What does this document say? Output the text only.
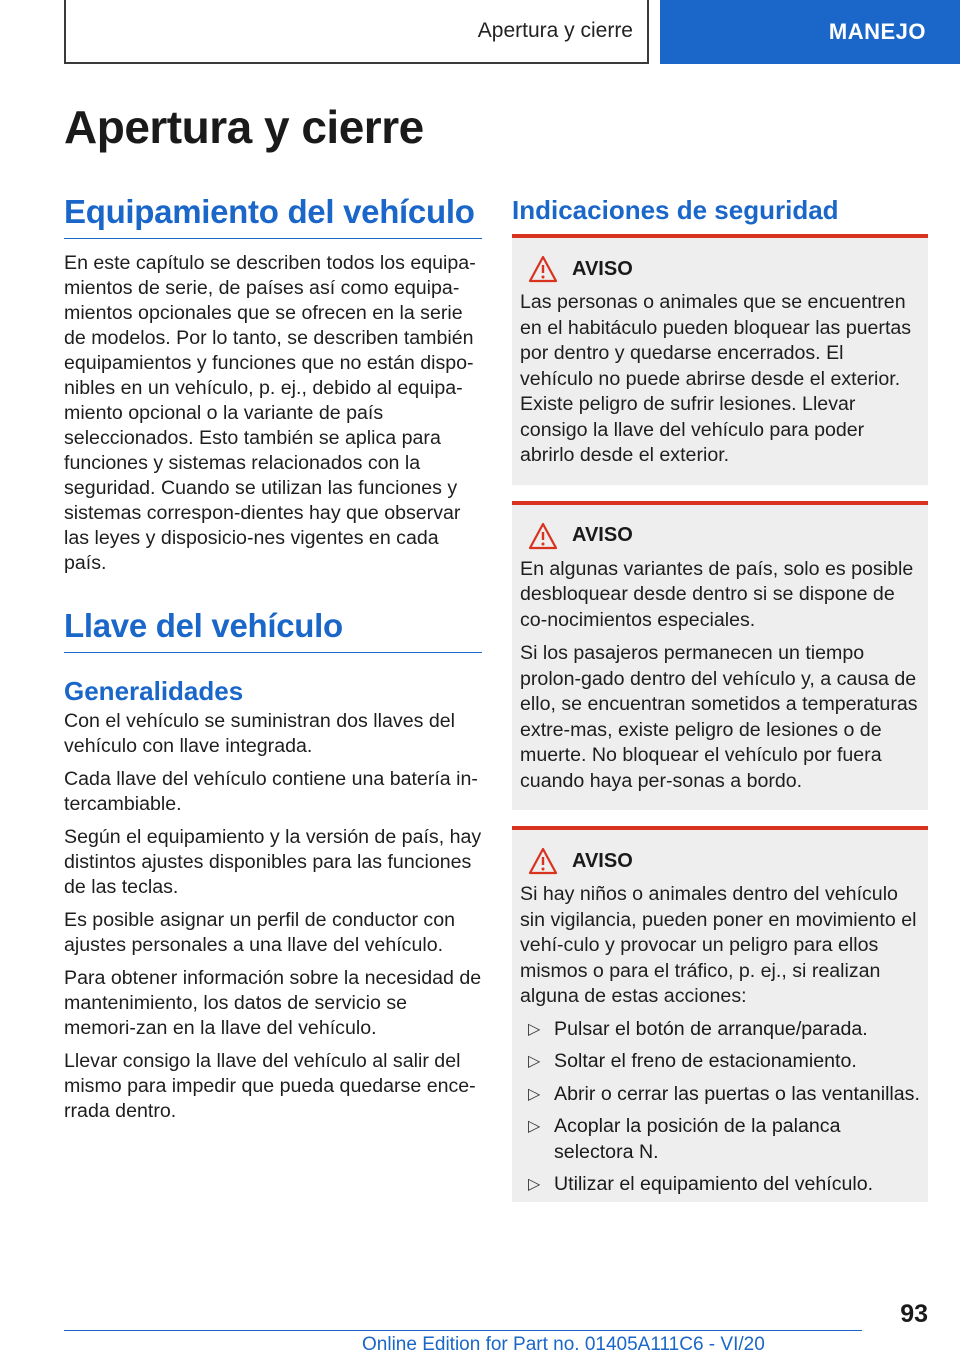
Apertura y cierre	MANEJO
Apertura y cierre
Equipamiento del vehículo

En este capítulo se describen todos los equipa-mientos de serie, de países así como equipa-mientos opcionales que se ofrecen en la serie de modelos. Por lo tanto, se describen también equipamientos y funciones que no están dispo-nibles en un vehículo, p. ej., debido al equipa-miento opcional o la variante de país seleccionados. Esto también se aplica para funciones y sistemas relacionados con la seguridad. Cuando se utilizan las funciones y sistemas correspon-dientes hay que observar las leyes y disposicio-nes vigentes en cada país.

Llave del vehículo
Generalidades

Con el vehículo se suministran dos llaves del vehículo con llave integrada.

Cada llave del vehículo contiene una batería in-tercambiable.

Según el equipamiento y la versión de país, hay distintos ajustes disponibles para las funciones de las teclas.

Es posible asignar un perfil de conductor con ajustes personales a una llave del vehículo.

Para obtener información sobre la necesidad de mantenimiento, los datos de servicio se memori-zan en la llave del vehículo.

Llevar consigo la llave del vehículo al salir del mismo para impedir que pueda quedarse ence-rrada dentro.

Indicaciones de seguridad
AVISO

Las personas o animales que se encuentren en el habitáculo pueden bloquear las puertas por dentro y quedarse encerrados. El vehículo no puede abrirse desde el exterior. Existe peligro de sufrir lesiones. Llevar consigo la llave del vehículo para poder abrirlo desde el exterior.

AVISO

En algunas variantes de país, solo es posible desbloquear desde dentro si se dispone de co-nocimientos especiales.

Si los pasajeros permanecen un tiempo prolon-gado dentro del vehículo y, a causa de ello, se encuentran sometidos a temperaturas extre-mas, existe peligro de lesiones o de muerte. No bloquear el vehículo por fuera cuando haya per-sonas a bordo.

AVISO

Si hay niños o animales dentro del vehículo sin vigilancia, pueden poner en movimiento el vehí-culo y provocar un peligro para ellos mismos o para el tráfico, p. ej., si realizan alguna de estas acciones:

▷ Pulsar el botón de arranque/parada.
▷ Soltar el freno de estacionamiento.
▷ Abrir o cerrar las puertas o las ventanillas.
▷ Acoplar la posición de la palanca selectora N.
▷ Utilizar el equipamiento del vehículo.
93
Online Edition for Part no. 01405A111C6 - VI/20
